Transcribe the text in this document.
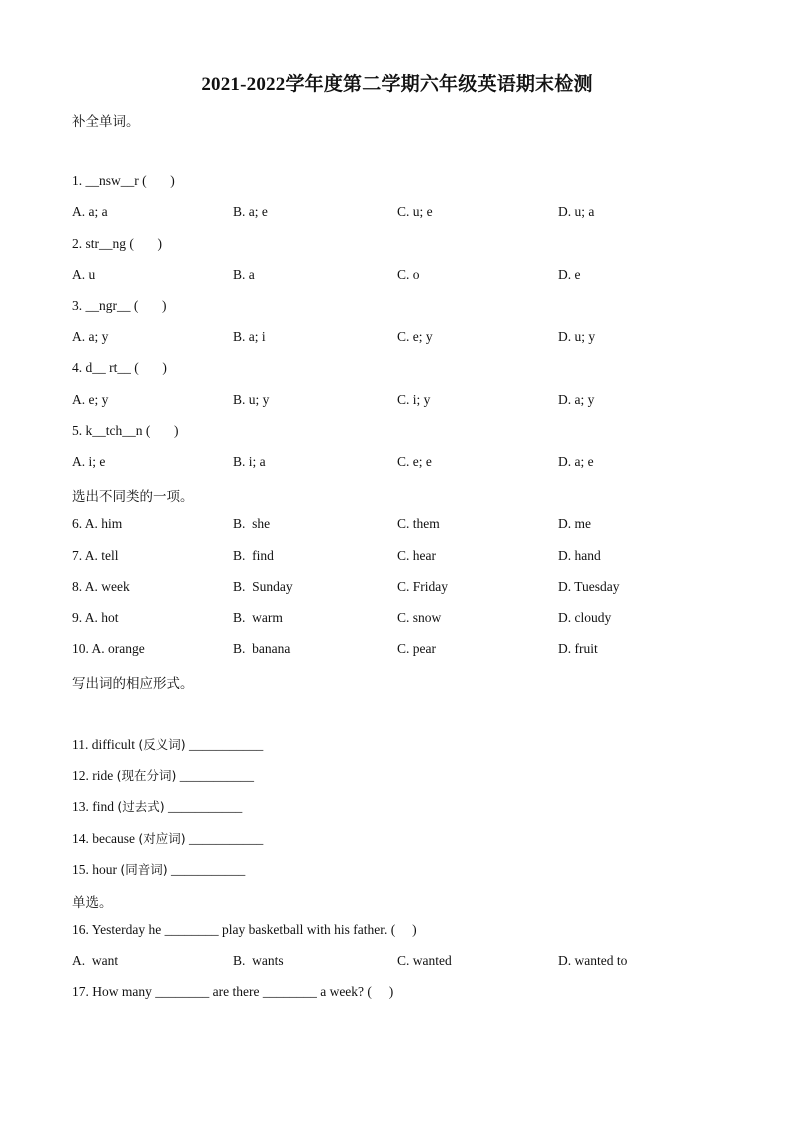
2021-2022学年度第二学期六年级英语期末检测
补全单词。
1. __nsw__r (       )
A. a; a	B. a; e	C. u; e	D. u; a
2. str__ng (       )
A. u	B. a	C. o	D. e
3. __ngr__ (       )
A. a; y	B. a; i	C. e; y	D. u; y
4. d__ rt__ (       )
A. e; y	B. u; y	C. i; y	D. a; y
5. k__tch__n (       )
A. i; e	B. i; a	C. e; e	D. a; e
选出不同类的一项。
6. A. him	B.  she	C. them	D. me
7. A. tell	B.  find	C. hear	D. hand
8. A. week	B.  Sunday	C. Friday	D. Tuesday
9. A. hot	B.  warm	C. snow	D. cloudy
10. A. orange	B.  banana	C. pear	D. fruit
写出词的相应形式。
11. difficult (反义词) ___________
12. ride (现在分词) ___________
13. find (过去式) ___________
14. because (对应词) ___________
15. hour (同音词) ___________
单选。
16. Yesterday he ________ play basketball with his father. (     )
A.  want	B.  wants	C. wanted	D. wanted to
17. How many ________ are there ________ a week? (     )
